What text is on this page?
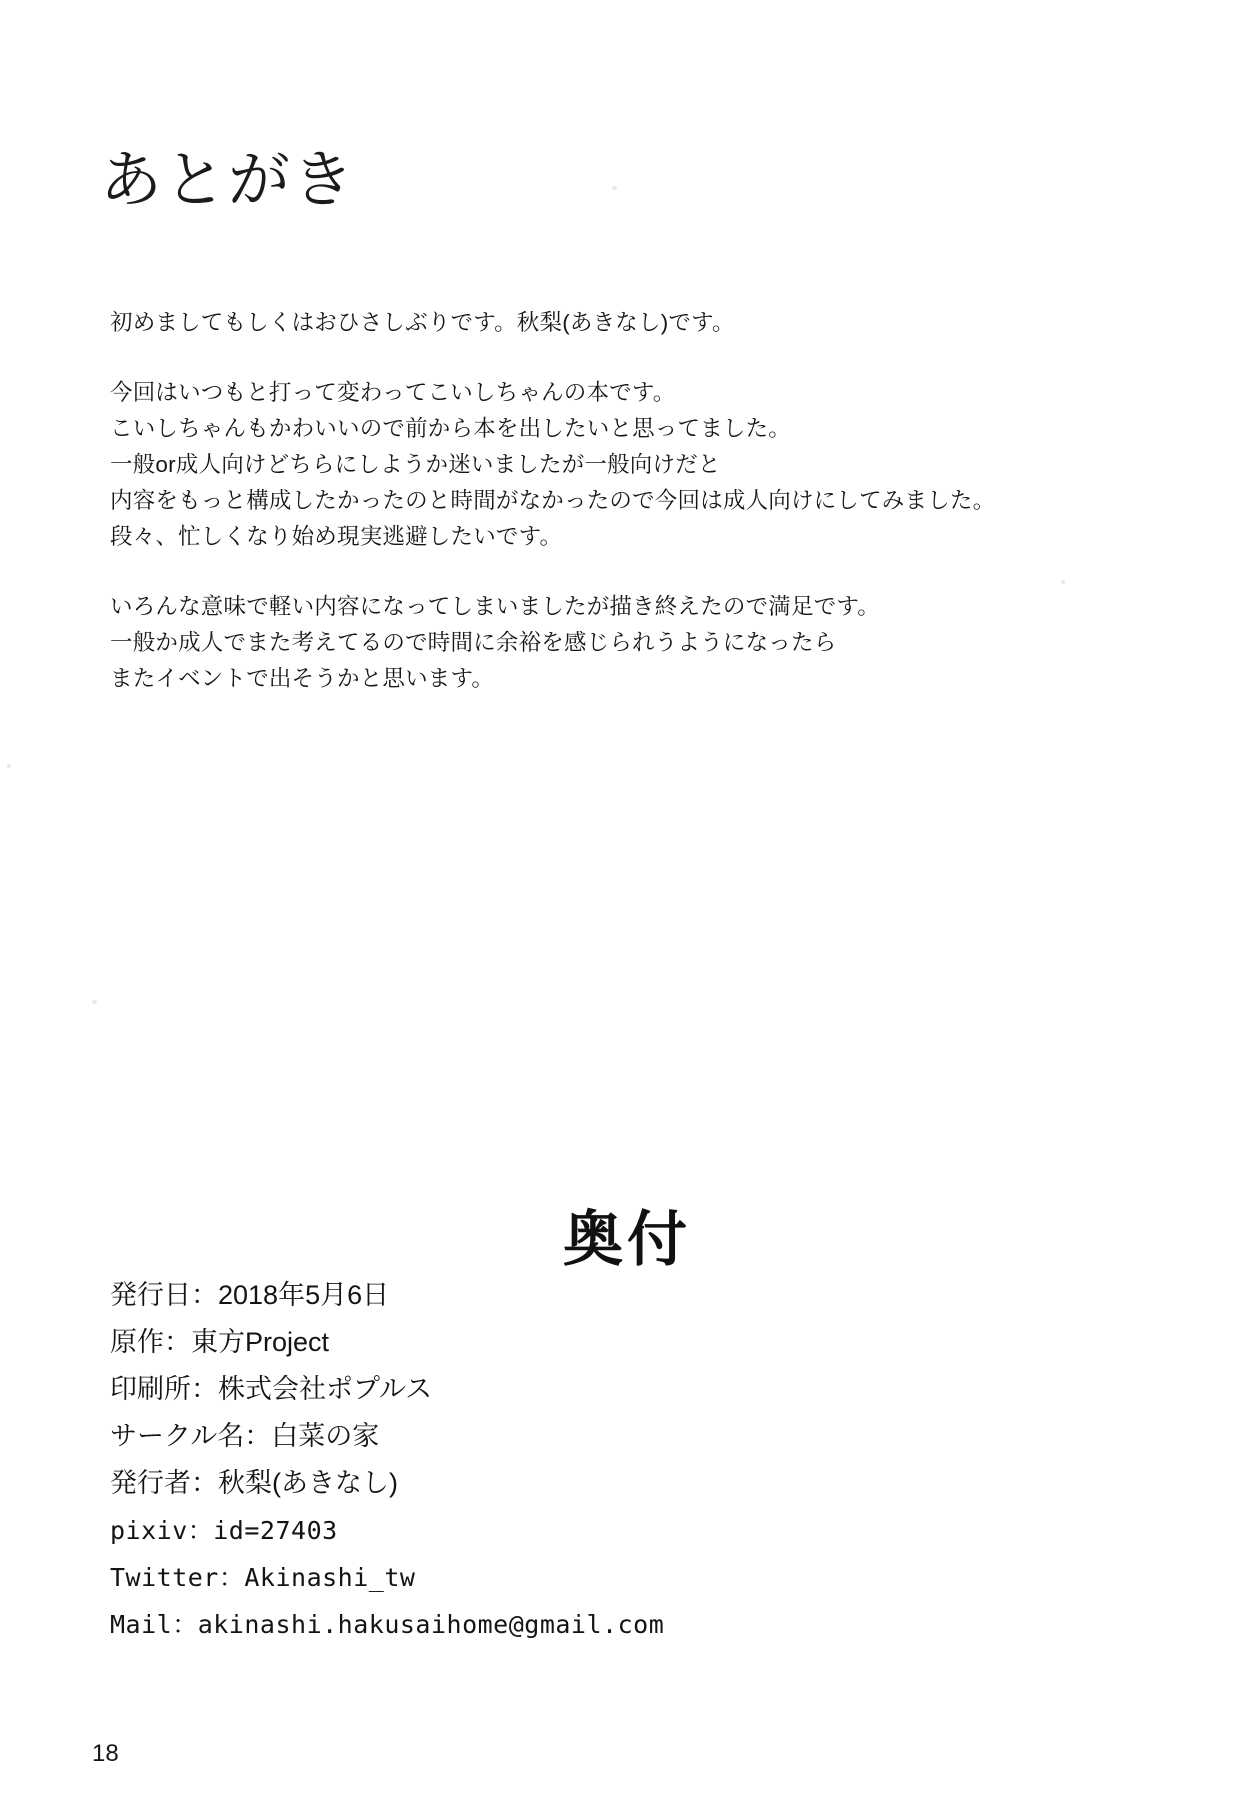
あとがき

初めましてもしくはおひさしぶりです。秋梨(あきなし)です。

今回はいつもと打って変わってこいしちゃんの本です。
こいしちゃんもかわいいので前から本を出したいと思ってました。
一般or成人向けどちらにしようか迷いましたが一般向けだと
内容をもっと構成したかったのと時間がなかったので今回は成人向けにしてみました。
段々、忙しくなり始め現実逃避したいです。

いろんな意味で軽い内容になってしまいましたが描き終えたので満足です。
一般か成人でまた考えてるので時間に余裕を感じられうようになったら
またイベントで出そうかと思います。

奥付
発行日：2018年5月6日
原作：東方Project
印刷所：株式会社ポプルス
サークル名：白菜の家
発行者：秋梨(あきなし)
pixiv：id=27403
Twitter：Akinashi_tw
Mail：akinashi.hakusaihome@gmail.com
18
